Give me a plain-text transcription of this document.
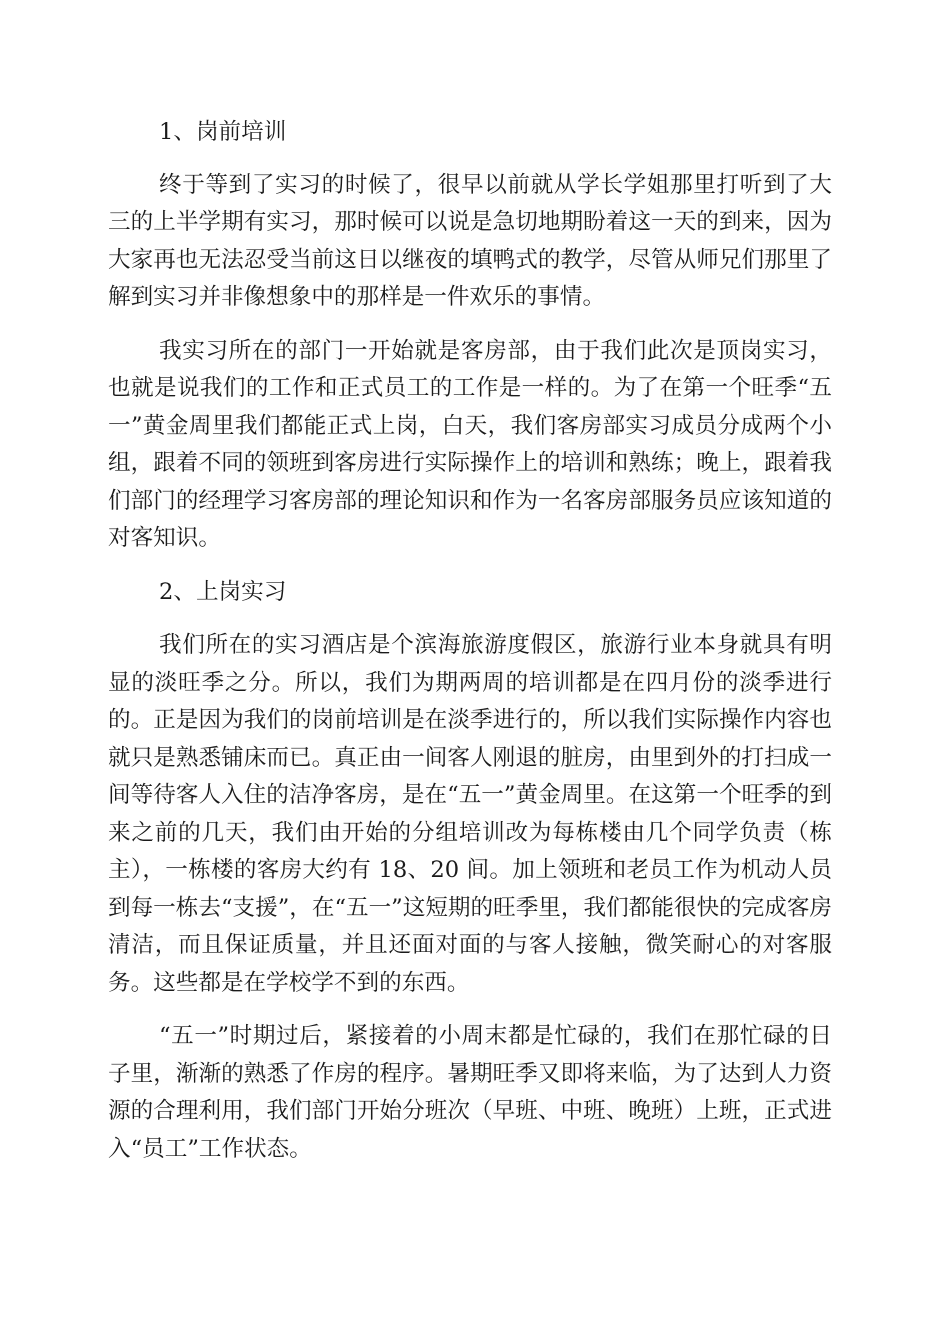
1、岗前培训

终于等到了实习的时候了，很早以前就从学长学姐那里打听到了大三的上半学期有实习，那时候可以说是急切地期盼着这一天的到来，因为大家再也无法忍受当前这日以继夜的填鸭式的教学，尽管从师兄们那里了解到实习并非像想象中的那样是一件欢乐的事情。

我实习所在的部门一开始就是客房部，由于我们此次是顶岗实习，也就是说我们的工作和正式员工的工作是一样的。为了在第一个旺季“五一”黄金周里我们都能正式上岗，白天，我们客房部实习成员分成两个小组，跟着不同的领班到客房进行实际操作上的培训和熟练；晚上，跟着我们部门的经理学习客房部的理论知识和作为一名客房部服务员应该知道的对客知识。

2、上岗实习

我们所在的实习酒店是个滨海旅游度假区，旅游行业本身就具有明显的淡旺季之分。所以，我们为期两周的培训都是在四月份的淡季进行的。正是因为我们的岗前培训是在淡季进行的，所以我们实际操作内容也就只是熟悉铺床而已。真正由一间客人刚退的脏房，由里到外的打扫成一间等待客人入住的洁净客房，是在“五一”黄金周里。在这第一个旺季的到来之前的几天，我们由开始的分组培训改为每栋楼由几个同学负责（栋主），一栋楼的客房大约有 18、20 间。加上领班和老员工作为机动人员到每一栋去“支援”，在“五一”这短期的旺季里，我们都能很快的完成客房清洁，而且保证质量，并且还面对面的与客人接触，微笑耐心的对客服务。这些都是在学校学不到的东西。

“五一”时期过后，紧接着的小周末都是忙碌的，我们在那忙碌的日子里，渐渐的熟悉了作房的程序。暑期旺季又即将来临，为了达到人力资源的合理利用，我们部门开始分班次（早班、中班、晚班）上班，正式进入“员工”工作状态。
